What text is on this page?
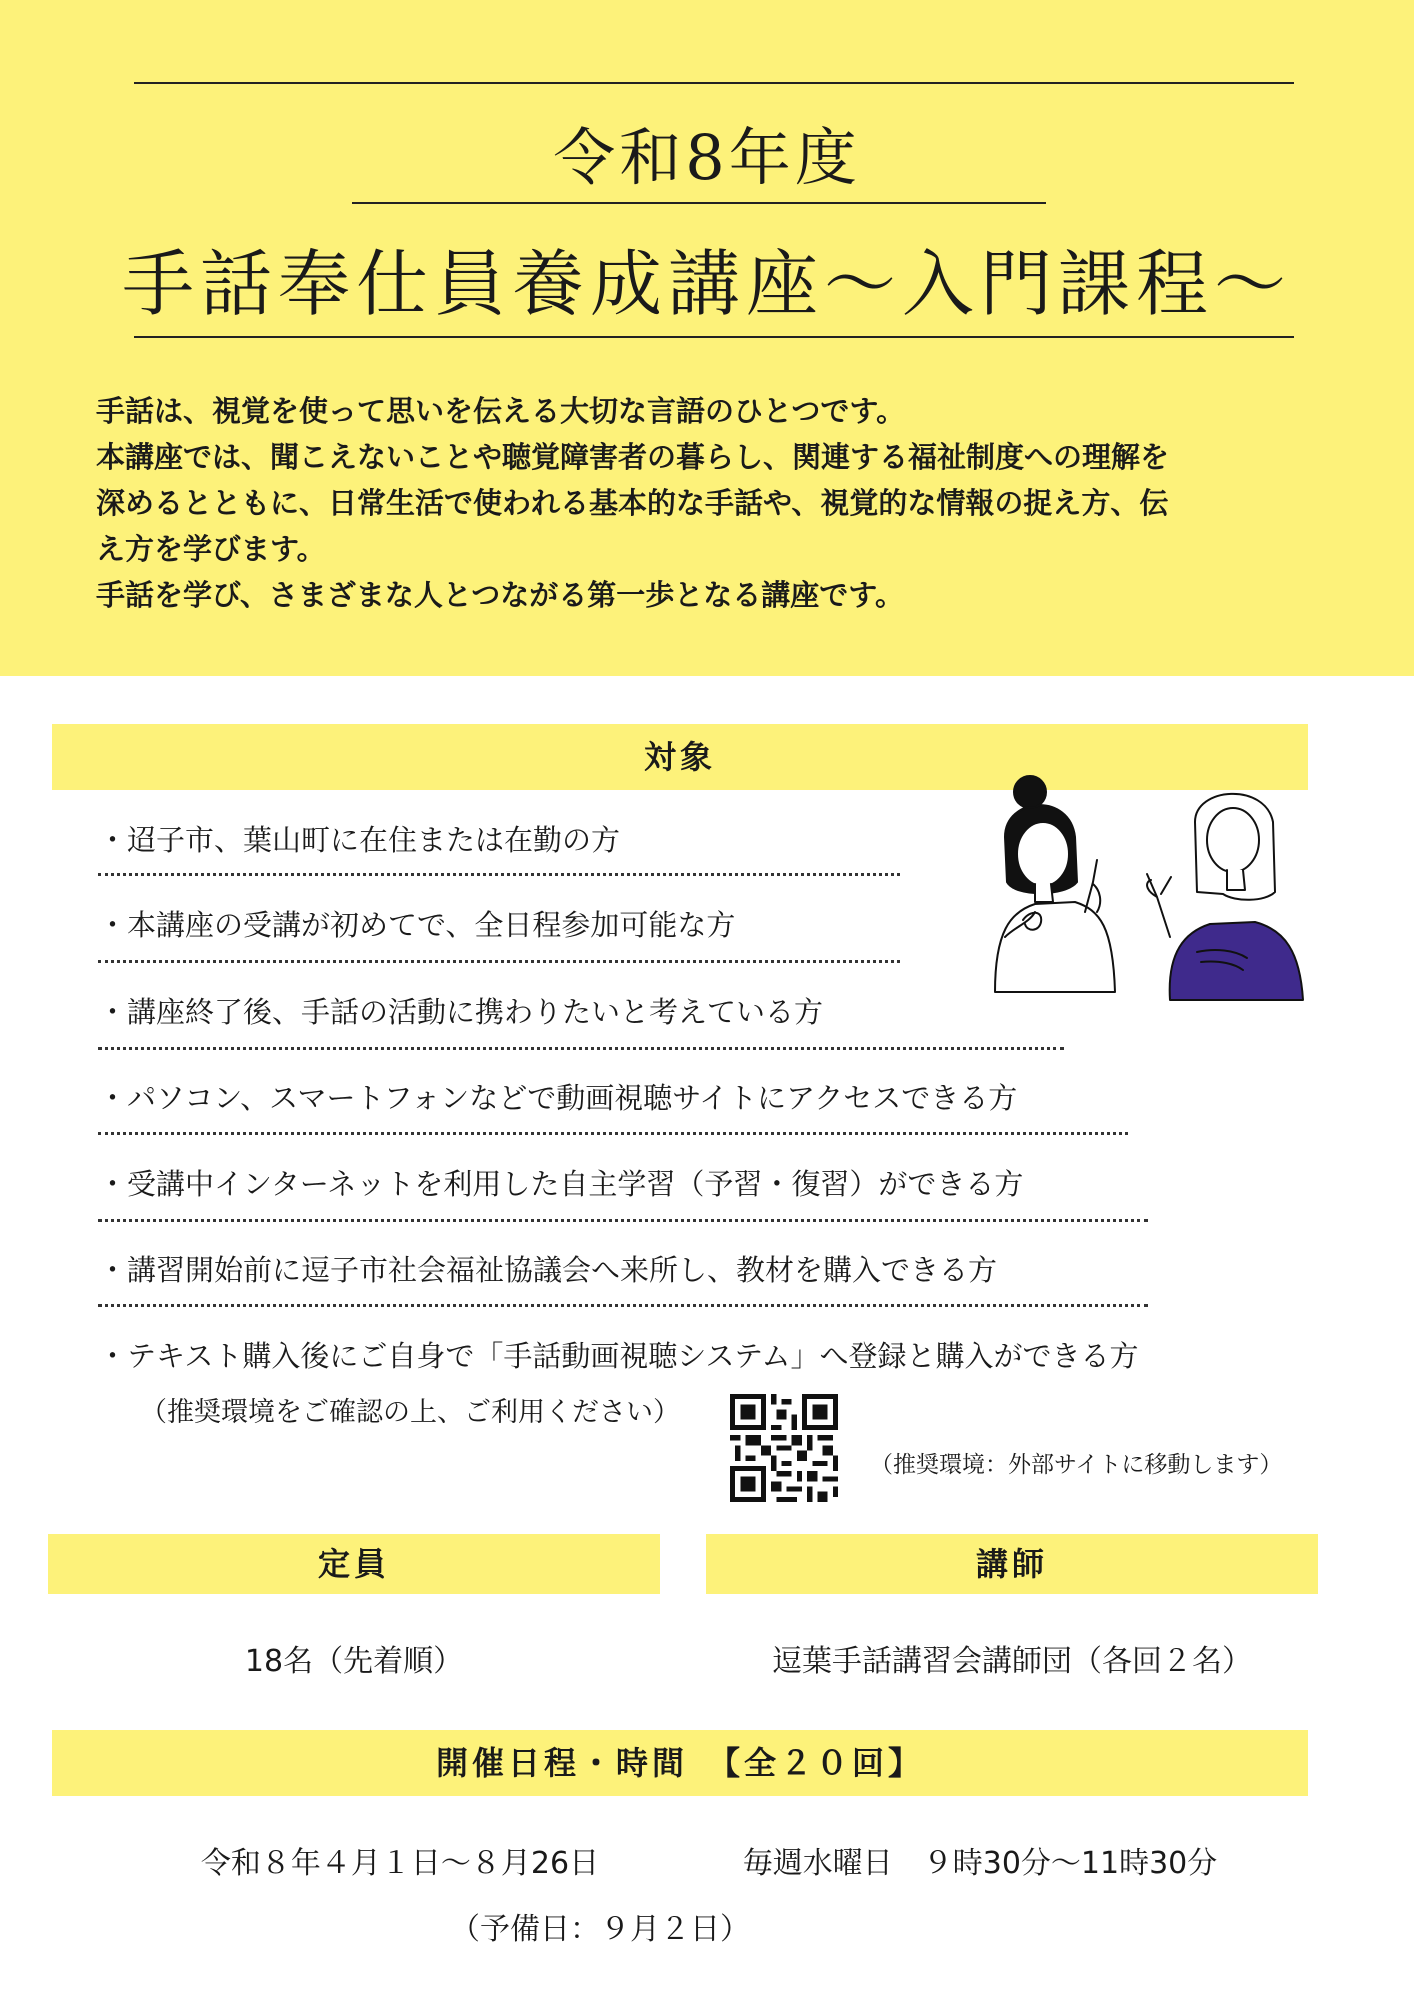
令和8年度
手話奉仕員養成講座～入門課程～
手話は、視覚を使って思いを伝える大切な言語のひとつです。
本講座では、聞こえないことや聴覚障害者の暮らし、関連する福祉制度への理解を
深めるとともに、日常生活で使われる基本的な手話や、視覚的な情報の捉え方、伝
え方を学びます。
手話を学び、さまざまな人とつながる第一歩となる講座です。
対象
・迢子市、葉山町に在住または在勤の方
・本講座の受講が初めてで、全日程参加可能な方
・講座終了後、手話の活動に携わりたいと考えている方
・パソコン、スマートフォンなどで動画視聴サイトにアクセスできる方
・受講中インターネットを利用した自主学習（予習・復習）ができる方
・講習開始前に逗子市社会福祉協議会へ来所し、教材を購入できる方
・テキスト購入後にご自身で「手話動画視聴システム」へ登録と購入ができる方
（推奨環境をご確認の上、ご利用ください）
（推奨環境：外部サイトに移動します）
定員	講師
18名（先着順）	逗葉手話講習会講師団（各回２名）
開催日程・時間　【全２０回】
令和８年４月１日～８月26日	毎週水曜日　９時30分～11時30分
（予備日：９月２日）
